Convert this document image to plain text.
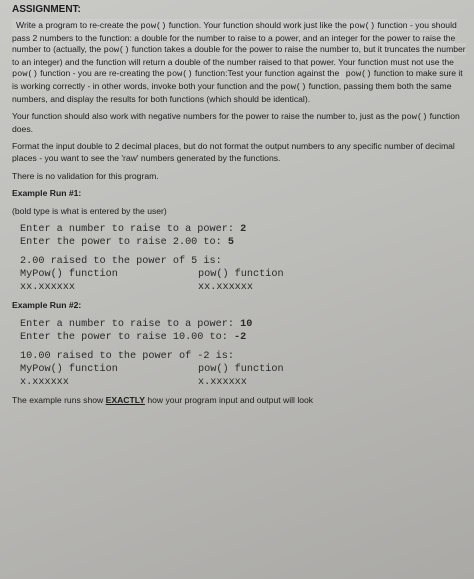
ASSIGNMENT:

Write a program to re-create the pow() function. Your function should work just like the pow() function - you should pass 2 numbers to the function: a double for the number to raise to a power, and an integer for the power to raise the number to (actually, the pow() function takes a double for the power to raise the number to, but it truncates the number to an integer) and the function will return a double of the number raised to that power. Your function must not use the pow() function - you are re-creating the pow() function:Test your function against the pow() function to make sure it is working correctly - in other words, invoke both your function and the pow() function, passing them both the same numbers, and display the results for both functions (which should be identical).

Your function should also work with negative numbers for the power to raise the number to, just as the pow() function does.

Format the input double to 2 decimal places, but do not format the output numbers to any specific number of decimal places - you want to see the 'raw' numbers generated by the functions.

There is no validation for this program.

Example Run #1:

(bold type is what is entered by the user)

Enter a number to raise to a power: 2
Enter the power to raise 2.00 to: 5
2.00 raised to the power of 5 is:
MyPow() function	pow() function
xx.xxxxxx	xx.xxxxxx

Example Run #2:

Enter a number to raise to a power: 10
Enter the power to raise 10.00 to: -2
10.00 raised to the power of -2 is:
MyPow() function	pow() function
x.xxxxxx	x.xxxxxx

The example runs show EXACTLY how your program input and output will look
